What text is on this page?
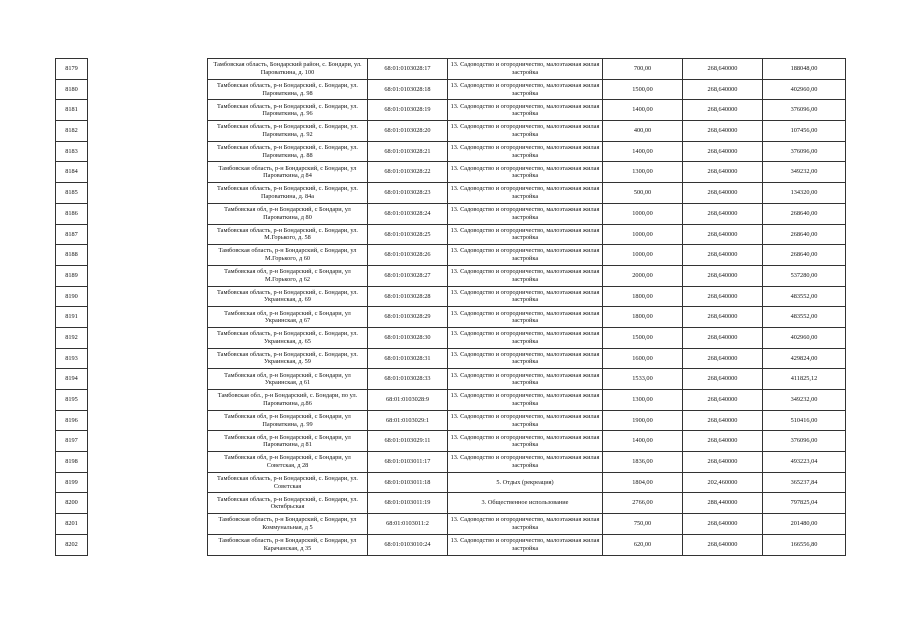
8179		Тамбовская область, Бондарский район, с. Бондари, ул. Пароваткина, д. 100	68:01:0103028:17	13. Садоводство и огородничество, малоэтажная жилая застройка	700,00	268,640000	188048,00
8180		Тамбовская область, р-н Бондарский, с. Бондари, ул. Пароваткина, д. 98	68:01:0103028:18	13. Садоводство и огородничество, малоэтажная жилая застройка	1500,00	268,640000	402960,00
8181		Тамбовская область, р-н Бондарский, с. Бондари, ул. Пароваткина, д. 96	68:01:0103028:19	13. Садоводство и огородничество, малоэтажная жилая застройка	1400,00	268,640000	376096,00
8182		Тамбовская область, р-н Бондарский, с. Бондари, ул. Пароваткина, д. 92	68:01:0103028:20	13. Садоводство и огородничество, малоэтажная жилая застройка	400,00	268,640000	107456,00
8183		Тамбовская область, р-н Бондарский, с. Бондари, ул. Пароваткина, д. 88	68:01:0103028:21	13. Садоводство и огородничество, малоэтажная жилая застройка	1400,00	268,640000	376096,00
8184		Тамбовская область, р-н Бондарский, с Бондари, ул Пароваткина, д 84	68:01:0103028:22	13. Садоводство и огородничество, малоэтажная жилая застройка	1300,00	268,640000	349232,00
8185		Тамбовская область, р-н Бондарский, с. Бондари, ул. Пароваткина, д. 84а	68:01:0103028:23	13. Садоводство и огородничество, малоэтажная жилая застройка	500,00	268,640000	134320,00
8186		Тамбовская обл, р-н Бондарский, с Бондари, ул Пароваткина, д 80	68:01:0103028:24	13. Садоводство и огородничество, малоэтажная жилая застройка	1000,00	268,640000	268640,00
8187		Тамбовская область, р-н Бондарский, с. Бондари, ул. М.Горького, д. 58	68:01:0103028:25	13. Садоводство и огородничество, малоэтажная жилая застройка	1000,00	268,640000	268640,00
8188		Тамбовская область, р-н Бондарский, с Бондари, ул М.Горького, д 60	68:01:0103028:26	13. Садоводство и огородничество, малоэтажная жилая застройка	1000,00	268,640000	268640,00
8189		Тамбовская обл, р-н Бондарский, с Бондари, ул М.Горького, д 62	68:01:0103028:27	13. Садоводство и огородничество, малоэтажная жилая застройка	2000,00	268,640000	537280,00
8190		Тамбовская область, р-н Бондарский, с. Бондари, ул. Украинская, д. 69	68:01:0103028:28	13. Садоводство и огородничество, малоэтажная жилая застройка	1800,00	268,640000	483552,00
8191		Тамбовская обл, р-н Бондарский, с Бондари, ул Украинская, д 67	68:01:0103028:29	13. Садоводство и огородничество, малоэтажная жилая застройка	1800,00	268,640000	483552,00
8192		Тамбовская область, р-н Бондарский, с. Бондари, ул. Украинская, д. 65	68:01:0103028:30	13. Садоводство и огородничество, малоэтажная жилая застройка	1500,00	268,640000	402960,00
8193		Тамбовская область, р-н Бондарский, с. Бондари, ул. Украинская, д. 59	68:01:0103028:31	13. Садоводство и огородничество, малоэтажная жилая застройка	1600,00	268,640000	429824,00
8194		Тамбовская обл, р-н Бондарский, с Бондари, ул Украинская, д 61	68:01:0103028:33	13. Садоводство и огородничество, малоэтажная жилая застройка	1533,00	268,640000	411825,12
8195		Тамбовская обл., р-н Бондарский, с. Бондари, по ул. Пароваткина, д.86	68:01:0103028:9	13. Садоводство и огородничество, малоэтажная жилая застройка	1300,00	268,640000	349232,00
8196		Тамбовская обл, р-н Бондарский, с Бондари, ул Пароваткина, д. 99	68:01:0103029:1	13. Садоводство и огородничество, малоэтажная жилая застройка	1900,00	268,640000	510416,00
8197		Тамбовская обл, р-н Бондарский, с Бондари, ул Пароваткина, д 81	68:01:0103029:11	13. Садоводство и огородничество, малоэтажная жилая застройка	1400,00	268,640000	376096,00
8198		Тамбовская обл, р-н Бондарский, с Бондари, ул Советская, д 28	68:01:0103011:17	13. Садоводство и огородничество, малоэтажная жилая застройка	1836,00	268,640000	493223,04
8199		Тамбовская область, р-н Бондарский, с. Бондари, ул. Советская	68:01:0103011:18	5. Отдых (рекреация)	1804,00	202,460000	365237,84
8200		Тамбовская область, р-н Бондарский, с. Бондари, ул. Октябрьская	68:01:0103011:19	3. Общественное использование	2766,00	288,440000	797825,04
8201		Тамбовская область, р-н Бондарский, с Бондари, ул Коммунальная, д 5	68:01:0103011:2	13. Садоводство и огородничество, малоэтажная жилая застройка	750,00	268,640000	201480,00
8202		Тамбовская область, р-н Бондарский, с Бондари, ул Карачанская, д 35	68:01:0103010:24	13. Садоводство и огородничество, малоэтажная жилая застройка	620,00	268,640000	166556,80
